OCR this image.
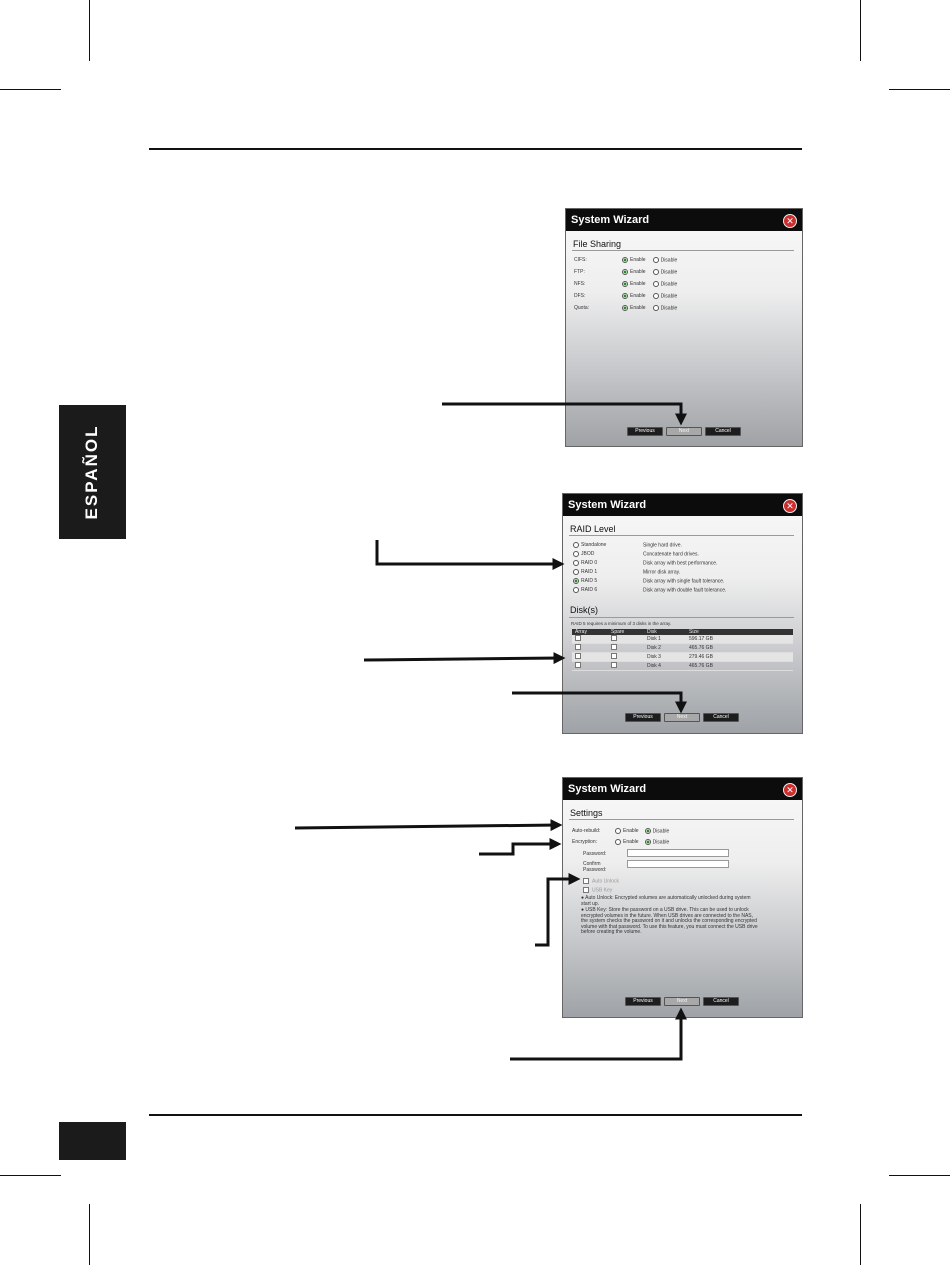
ESPAÑOL
System Wizard	✕
File Sharing
CIFS:	Enable	Disable
FTP:	Enable	Disable
NFS:	Enable	Disable
DFS:	Enable	Disable
Quota:	Enable	Disable
Previous	Next	Cancel
System Wizard	✕
RAID Level
Standalone	Single hard drive.
JBOD	Concatenate hard drives.
RAID 0	Disk array with best performance.
RAID 1	Mirror disk array.
RAID 5	Disk array with single fault tolerance.
RAID 6	Disk array with double fault tolerance.
Disk(s)
RAID 5 requires a minimum of 3 disks in the array.
Array	Spare	Disk	Size
		Disk 1	596.17 GB
		Disk 2	465.76 GB
		Disk 3	279.46 GB
		Disk 4	465.76 GB
Previous	Next	Cancel
System Wizard	✕
Settings
Auto-rebuild:	Enable	Disable
Encryption:	Enable	Disable
Password:
Confirm
Password:
Auto Unlock
USB Key
● Auto Unlock: Encrypted volumes are automatically unlocked during system start up.
● USB Key: Store the password on a USB drive. This can be used to unlock encrypted volumes in the future. When USB drives are connected to the NAS, the system checks the password on it and unlocks the corresponding encrypted volume with that password. To use this feature, you must connect the USB drive before creating the volume.
Previous	Next	Cancel
